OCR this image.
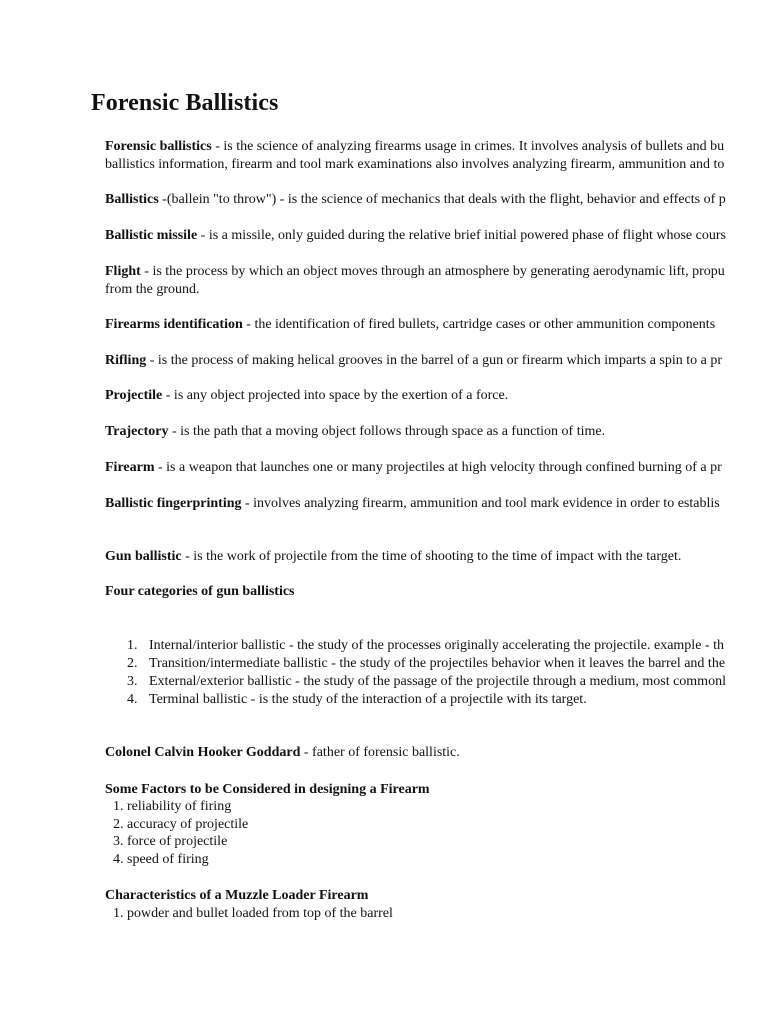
Forensic Ballistics

Forensic ballistics - is the science of analyzing firearms usage in crimes. It involves analysis of bullets and bu
ballistics information, firearm and tool mark examinations also involves analyzing firearm, ammunition and to

Ballistics -(ballein "to throw") - is the science of mechanics that deals with the flight, behavior and effects of p

Ballistic missile - is a missile, only guided during the relative brief initial powered phase of flight whose cours

Flight - is the process by which an object moves through an atmosphere by generating aerodynamic lift, propu
from the ground.

Firearms identification - the identification of fired bullets, cartridge cases or other ammunition components

Rifling - is the process of making helical grooves in the barrel of a gun or firearm which imparts a spin to a pr

Projectile - is any object projected into space by the exertion of a force.

Trajectory - is the path that a moving object follows through space as a function of time.

Firearm - is a weapon that launches one or many projectiles at high velocity through confined burning of a pr

Ballistic fingerprinting - involves analyzing firearm, ammunition and tool mark evidence in order to establis

Gun ballistic - is the work of projectile from the time of shooting to the time of impact with the target.

Four categories of gun ballistics

1. Internal/interior ballistic - the study of the processes originally accelerating the projectile. example - th
2. Transition/intermediate ballistic - the study of the projectiles behavior when it leaves the barrel and the
3. External/exterior ballistic - the study of the passage of the projectile through a medium, most commonl
4. Terminal ballistic - is the study of the interaction of a projectile with its target.

Colonel Calvin Hooker Goddard - father of forensic ballistic.

Some Factors to be Considered in designing a Firearm

1. reliability of firing
2. accuracy of projectile
3. force of projectile
4. speed of firing

Characteristics of a Muzzle Loader Firearm

1. powder and bullet loaded from top of the barrel
